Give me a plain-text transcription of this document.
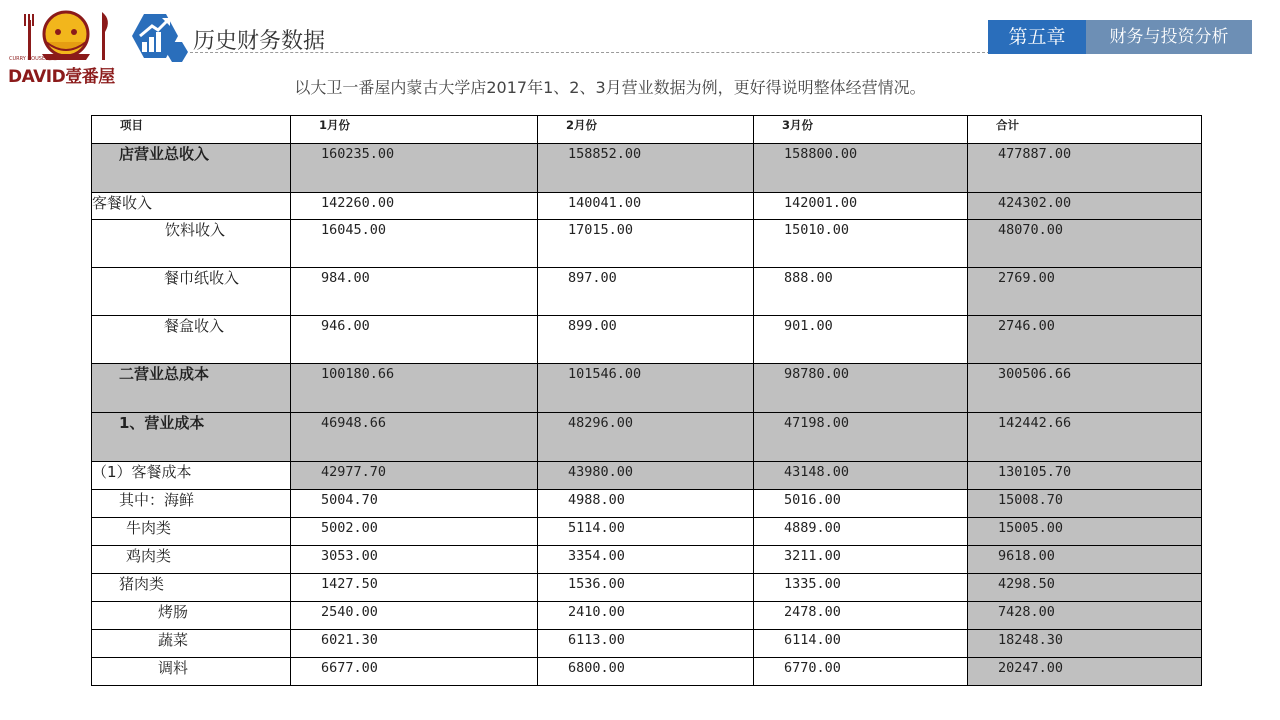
CURRY HOUSE 咖喱
DAVID壹番屋
历史财务数据	第五章	财务与投资分析
以大卫一番屋内蒙古大学店2017年1、2、3月营业数据为例，更好得说明整体经营情况。
项目	1月份	2月份	3月份	合计
店营业总收入	160235.00	158852.00	158800.00	477887.00
客餐收入	142260.00	140041.00	142001.00	424302.00
饮料收入	16045.00	17015.00	15010.00	48070.00
餐巾纸收入	984.00	897.00	888.00	2769.00
餐盒收入	946.00	899.00	901.00	2746.00
二营业总成本	100180.66	101546.00	98780.00	300506.66
1、营业成本	46948.66	48296.00	47198.00	142442.66
（1）客餐成本	42977.70	43980.00	43148.00	130105.70
其中：海鲜	5004.70	4988.00	5016.00	15008.70
牛肉类	5002.00	5114.00	4889.00	15005.00
鸡肉类	3053.00	3354.00	3211.00	9618.00
猪肉类	1427.50	1536.00	1335.00	4298.50
烤肠	2540.00	2410.00	2478.00	7428.00
蔬菜	6021.30	6113.00	6114.00	18248.30
调料	6677.00	6800.00	6770.00	20247.00
